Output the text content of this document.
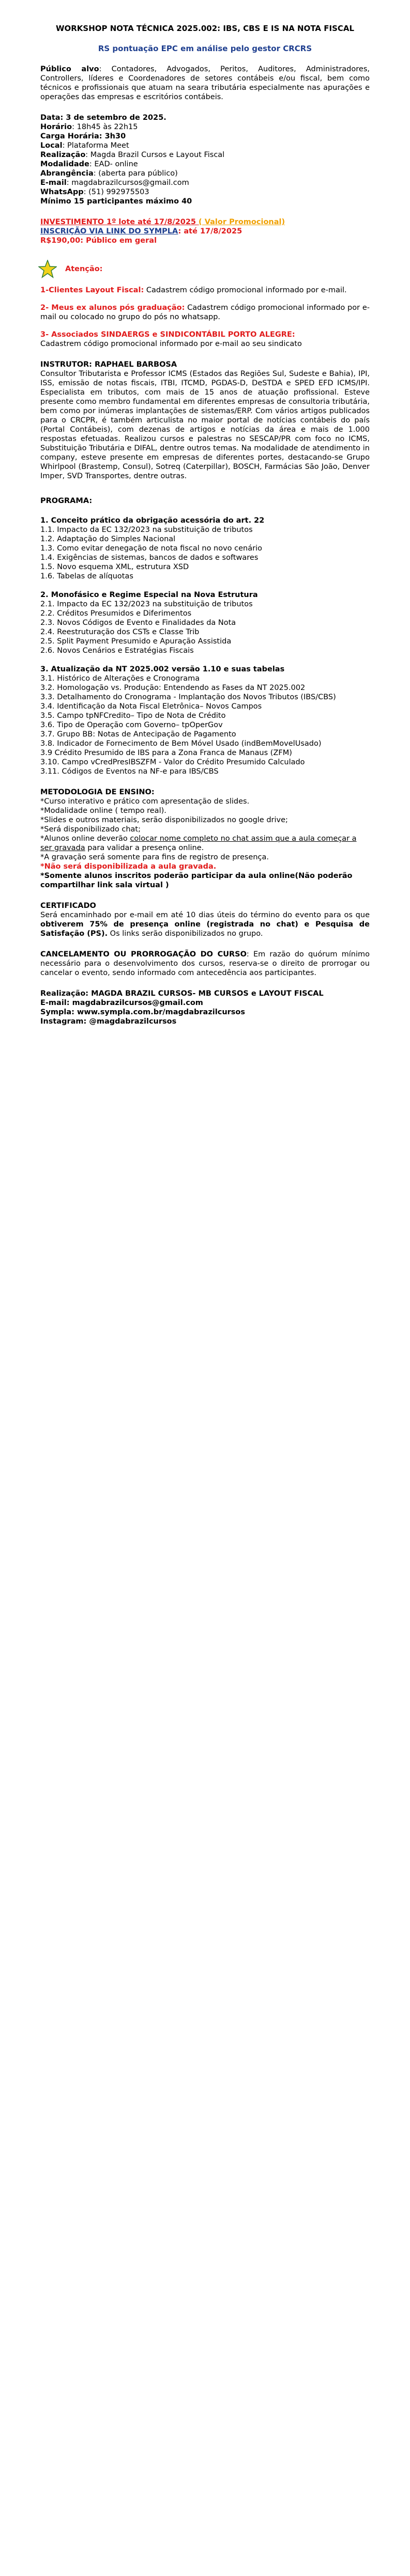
WORKSHOP NOTA TÉCNICA 2025.002: IBS, CBS E IS NA NOTA FISCAL

RS pontuação EPC em análise pelo gestor CRCRS

Público alvo: Contadores, Advogados, Peritos, Auditores, Administradores, Controllers, líderes e Coordenadores de setores contábeis e/ou fiscal, bem como técnicos e profissionais que atuam na seara tributária especialmente nas apurações e operações das empresas e escritórios contábeis.

Data: 3 de setembro de 2025.

Horário: 18h45 às 22h15

Carga Horária: 3h30

Local: Plataforma Meet

Realização: Magda Brazil Cursos e Layout Fiscal

Modalidade: EAD- online

Abrangência: (aberta para público)

E-mail: magdabrazilcursos@gmail.com

WhatsApp: (51) 992975503

Mínimo 15 participantes máximo 40

INVESTIMENTO 1º lote até 17/8/2025 ( Valor Promocional)

INSCRIÇÃO VIA LINK DO SYMPLA: até 17/8/2025

R$190,00: Público em geral

Atenção:

1-Clientes Layout Fiscal: Cadastrem código promocional informado por e-mail.

2- Meus ex alunos pós graduação: Cadastrem código promocional informado por e-mail ou colocado no grupo do pós no whatsapp.

3- Associados SINDAERGS e SINDICONTÁBIL PORTO ALEGRE:

Cadastrem código promocional informado por e-mail ao seu sindicato

INSTRUTOR: RAPHAEL BARBOSA

Consultor Tributarista e Professor ICMS (Estados das Regiões Sul, Sudeste e Bahia), IPI, ISS, emissão de notas fiscais, ITBI, ITCMD, PGDAS-D, DeSTDA e SPED EFD ICMS/IPI. Especialista em tributos, com mais de 15 anos de atuação profissional. Esteve presente como membro fundamental em diferentes empresas de consultoria tributária, bem como por inúmeras implantações de sistemas/ERP. Com vários artigos publicados para o CRCPR, é também articulista no maior portal de notícias contábeis do país (Portal Contábeis), com dezenas de artigos e notícias da área e mais de 1.000 respostas efetuadas. Realizou cursos e palestras no SESCAP/PR com foco no ICMS, Substituição Tributária e DIFAL, dentre outros temas. Na modalidade de atendimento in company, esteve presente em empresas de diferentes portes, destacando-se Grupo Whirlpool (Brastemp, Consul), Sotreq (Caterpillar), BOSCH, Farmácias São João, Denver Imper, SVD Transportes, dentre outras.

PROGRAMA:

1. Conceito prático da obrigação acessória do art. 22

1.1. Impacto da EC 132/2023 na substituição de tributos

1.2. Adaptação do Simples Nacional

1.3. Como evitar denegação de nota fiscal no novo cenário

1.4. Exigências de sistemas, bancos de dados e softwares

1.5. Novo esquema XML, estrutura XSD

1.6. Tabelas de alíquotas

2. Monofásico e Regime Especial na Nova Estrutura

2.1. Impacto da EC 132/2023 na substituição de tributos

2.2. Créditos Presumidos e Diferimentos

2.3. Novos Códigos de Evento e Finalidades da Nota

2.4. Reestruturação dos CSTs e Classe Trib

2.5. Split Payment Presumido e Apuração Assistida

2.6. Novos Cenários e Estratégias Fiscais

3. Atualização da NT 2025.002 versão 1.10 e suas tabelas

3.1. Histórico de Alterações e Cronograma

3.2. Homologação vs. Produção: Entendendo as Fases da NT 2025.002

3.3. Detalhamento do Cronograma - Implantação dos Novos Tributos (IBS/CBS)

3.4. Identificação da Nota Fiscal Eletrônica– Novos Campos

3.5. Campo tpNFCredito– Tipo de Nota de Crédito

3.6. Tipo de Operação com Governo– tpOperGov

3.7. Grupo BB: Notas de Antecipação de Pagamento

3.8. Indicador de Fornecimento de Bem Móvel Usado (indBemMovelUsado)

3.9 Crédito Presumido de IBS para a Zona Franca de Manaus (ZFM)

3.10. Campo vCredPresIBSZFM - Valor do Crédito Presumido Calculado

3.11. Códigos de Eventos na NF-e para IBS/CBS

METODOLOGIA DE ENSINO:

*Curso interativo e prático com apresentação de slides.

*Modalidade online ( tempo real).

*Slides e outros materiais, serão disponibilizados no google drive;

*Será disponibilizado chat;

*Alunos online deverão colocar nome completo no chat assim que a aula começar a ser gravada para validar a presença online.

*A gravação será somente para fins de registro de presença.

*Não será disponibilizada a aula gravada.

*Somente alunos inscritos poderão participar da aula online(Não poderão compartilhar link sala virtual )

CERTIFICADO

Será encaminhado por e-mail em até 10 dias úteis do término do evento para os que obtiverem 75% de presença online (registrada no chat) e Pesquisa de Satisfação (PS). Os links serão disponibilizados no grupo.

CANCELAMENTO OU PRORROGAÇÃO DO CURSO: Em razão do quórum mínimo necessário para o desenvolvimento dos cursos, reserva-se o direito de prorrogar ou cancelar o evento, sendo informado com antecedência aos participantes.

Realização: MAGDA BRAZIL CURSOS- MB CURSOS e LAYOUT FISCAL

E-mail: magdabrazilcursos@gmail.com

Sympla: www.sympla.com.br/magdabrazilcursos

Instagram: @magdabrazilcursos
